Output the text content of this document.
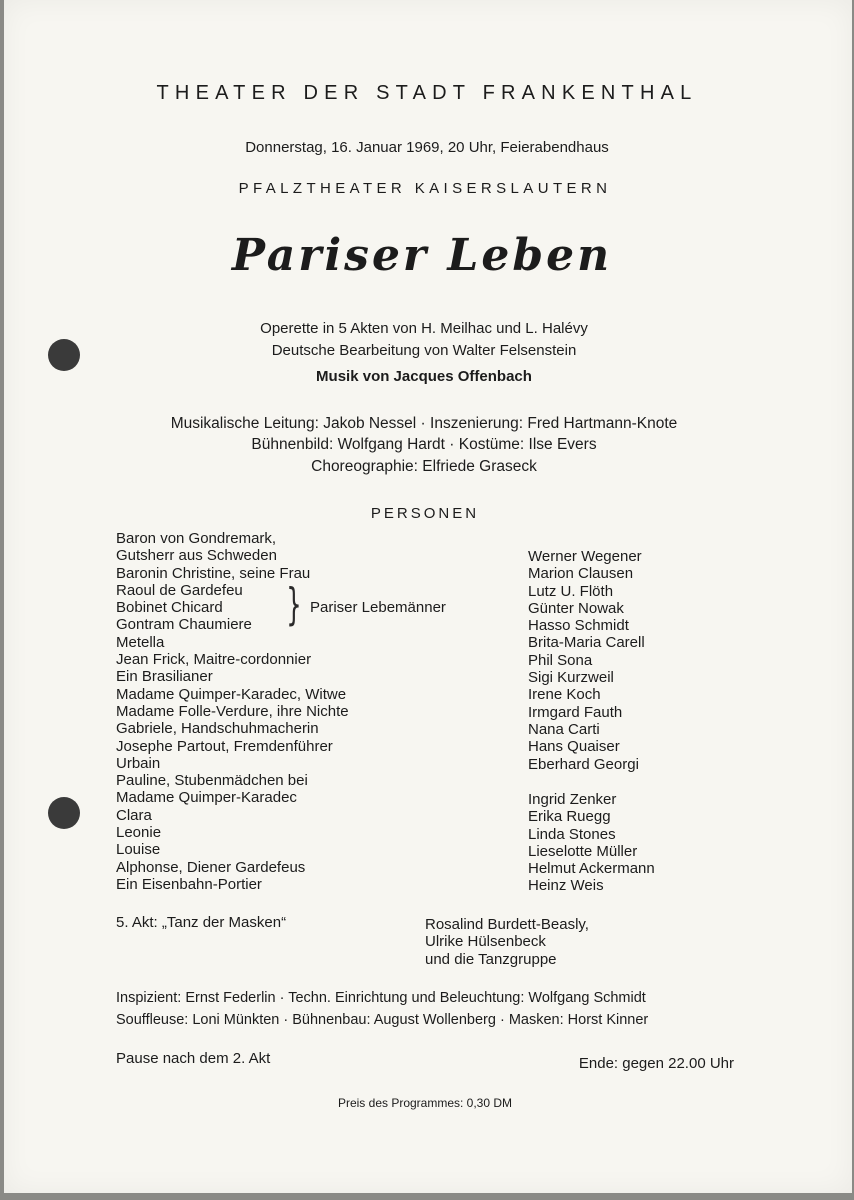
THEATER DER STADT FRANKENTHAL
Donnerstag, 16. Januar 1969, 20 Uhr, Feierabendhaus
PFALZTHEATER KAISERSLAUTERN
Pariser Leben
Operette in 5 Akten von H. Meilhac und L. Halévy
Deutsche Bearbeitung von Walter Felsenstein
Musik von Jacques Offenbach
Musikalische Leitung: Jakob Nessel · Inszenierung: Fred Hartmann-Knote
Bühnenbild: Wolfgang Hardt · Kostüme: Ilse Evers
Choreographie: Elfriede Graseck
PERSONEN
Baron von Gondremark,
Gutsherr aus Schweden
Baronin Christine, seine Frau
Raoul de Gardefeu
Bobinet Chicard
Gontram Chaumiere
Metella
Jean Frick, Maitre-cordonnier
Ein Brasilianer
Madame Quimper-Karadec, Witwe
Madame Folle-Verdure, ihre Nichte
Gabriele, Handschuhmacherin
Josephe Partout, Fremdenführer
Urbain
Pauline, Stubenmädchen bei
Madame Quimper-Karadec
Clara
Leonie
Louise
Alphonse, Diener Gardefeus
Ein Eisenbahn-Portier
} Pariser Lebemänner
Werner Wegener
Marion Clausen
Lutz U. Flöth
Günter Nowak
Hasso Schmidt
Brita-Maria Carell
Phil Sona
Sigi Kurzweil
Irene Koch
Irmgard Fauth
Nana Carti
Hans Quaiser
Eberhard Georgi
Ingrid Zenker
Erika Ruegg
Linda Stones
Lieselotte Müller
Helmut Ackermann
Heinz Weis
5. Akt: „Tanz der Masken“	Rosalind Burdett-Beasly,
Ulrike Hülsenbeck
und die Tanzgruppe
Inspizient: Ernst Federlin · Techn. Einrichtung und Beleuchtung: Wolfgang Schmidt
Souffleuse: Loni Münkten · Bühnenbau: August Wollenberg · Masken: Horst Kinner
Pause nach dem 2. Akt	Ende: gegen 22.00 Uhr
Preis des Programmes: 0,30 DM
